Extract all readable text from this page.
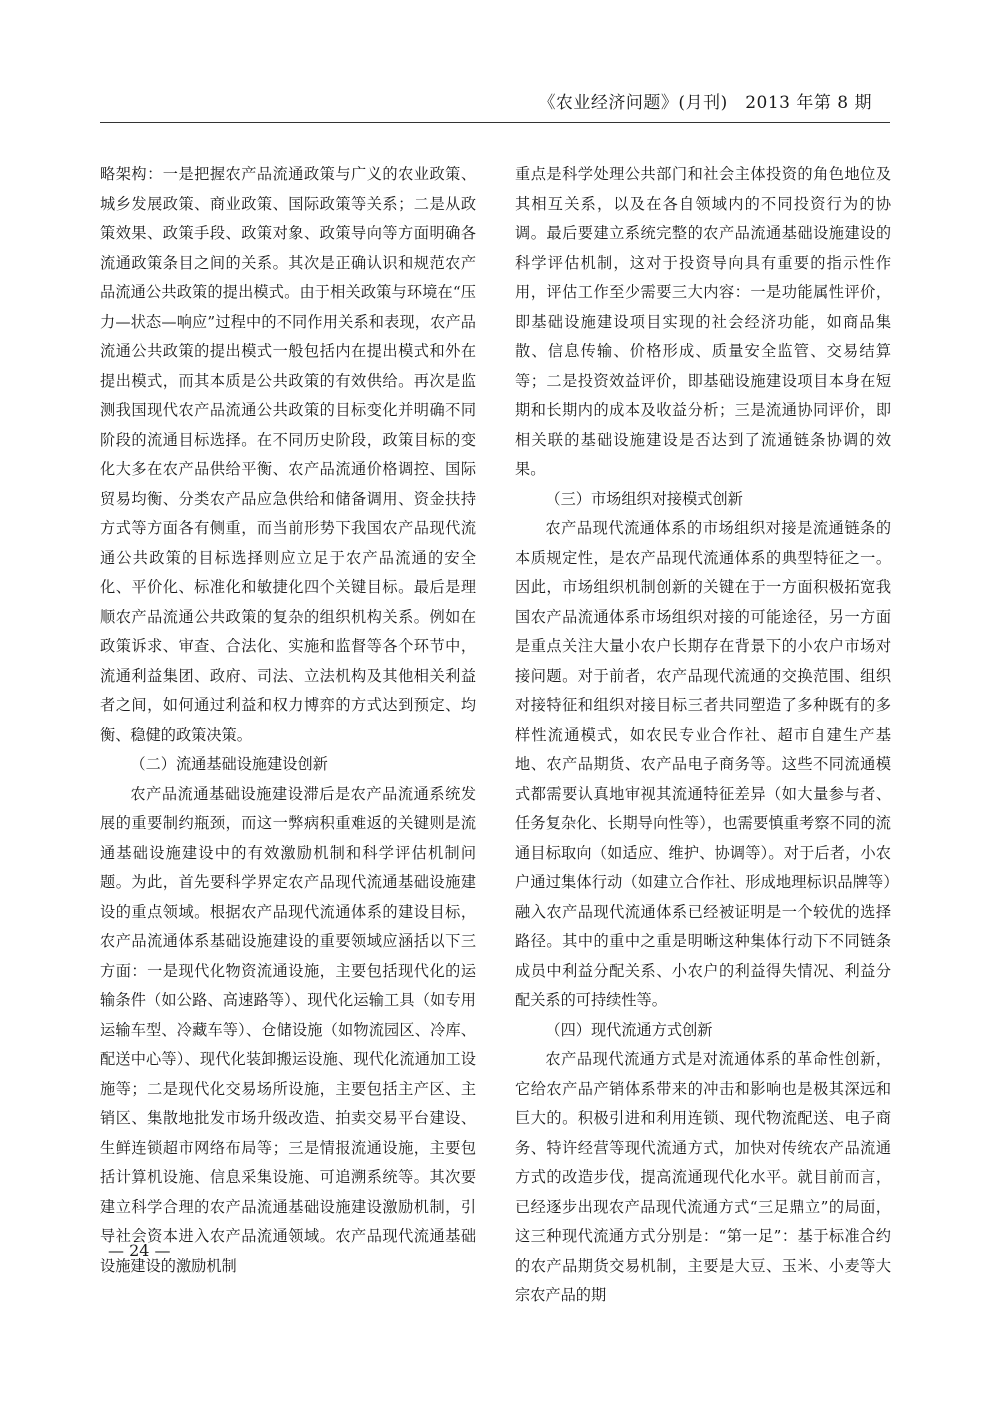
《农业经济问题》(月刊)　2013 年第 8 期

略架构：一是把握农产品流通政策与广义的农业政策、城乡发展政策、商业政策、国际政策等关系；二是从政策效果、政策手段、政策对象、政策导向等方面明确各流通政策条目之间的关系。其次是正确认识和规范农产品流通公共政策的提出模式。由于相关政策与环境在“压力—状态—响应”过程中的不同作用关系和表现，农产品流通公共政策的提出模式一般包括内在提出模式和外在提出模式，而其本质是公共政策的有效供给。再次是监测我国现代农产品流通公共政策的目标变化并明确不同阶段的流通目标选择。在不同历史阶段，政策目标的变化大多在农产品供给平衡、农产品流通价格调控、国际贸易均衡、分类农产品应急供给和储备调用、资金扶持方式等方面各有侧重，而当前形势下我国农产品现代流通公共政策的目标选择则应立足于农产品流通的安全化、平价化、标准化和敏捷化四个关键目标。最后是理顺农产品流通公共政策的复杂的组织机构关系。例如在政策诉求、审查、合法化、实施和监督等各个环节中，流通利益集团、政府、司法、立法机构及其他相关利益者之间，如何通过利益和权力博弈的方式达到预定、均衡、稳健的政策决策。

（二）流通基础设施建设创新

农产品流通基础设施建设滞后是农产品流通系统发展的重要制约瓶颈，而这一弊病积重难返的关键则是流通基础设施建设中的有效激励机制和科学评估机制问题。为此，首先要科学界定农产品现代流通基础设施建设的重点领域。根据农产品现代流通体系的建设目标，农产品流通体系基础设施建设的重要领域应涵括以下三方面：一是现代化物资流通设施，主要包括现代化的运输条件（如公路、高速路等）、现代化运输工具（如专用运输车型、冷藏车等）、仓储设施（如物流园区、冷库、配送中心等）、现代化装卸搬运设施、现代化流通加工设施等；二是现代化交易场所设施，主要包括主产区、主销区、集散地批发市场升级改造、拍卖交易平台建设、生鲜连锁超市网络布局等；三是情报流通设施，主要包括计算机设施、信息采集设施、可追溯系统等。其次要建立科学合理的农产品流通基础设施建设激励机制，引导社会资本进入农产品流通领域。农产品现代流通基础设施建设的激励机制

重点是科学处理公共部门和社会主体投资的角色地位及其相互关系，以及在各自领域内的不同投资行为的协调。最后要建立系统完整的农产品流通基础设施建设的科学评估机制，这对于投资导向具有重要的指示性作用，评估工作至少需要三大内容：一是功能属性评价，即基础设施建设项目实现的社会经济功能，如商品集散、信息传输、价格形成、质量安全监管、交易结算等；二是投资效益评价，即基础设施建设项目本身在短期和长期内的成本及收益分析；三是流通协同评价，即相关联的基础设施建设是否达到了流通链条协调的效果。

（三）市场组织对接模式创新

农产品现代流通体系的市场组织对接是流通链条的本质规定性，是农产品现代流通体系的典型特征之一。因此，市场组织机制创新的关键在于一方面积极拓宽我国农产品流通体系市场组织对接的可能途径，另一方面是重点关注大量小农户长期存在背景下的小农户市场对接问题。对于前者，农产品现代流通的交换范围、组织对接特征和组织对接目标三者共同塑造了多种既有的多样性流通模式，如农民专业合作社、超市自建生产基地、农产品期货、农产品电子商务等。这些不同流通模式都需要认真地审视其流通特征差异（如大量参与者、任务复杂化、长期导向性等），也需要慎重考察不同的流通目标取向（如适应、维护、协调等）。对于后者，小农户通过集体行动（如建立合作社、形成地理标识品牌等）融入农产品现代流通体系已经被证明是一个较优的选择路径。其中的重中之重是明晰这种集体行动下不同链条成员中利益分配关系、小农户的利益得失情况、利益分配关系的可持续性等。

（四）现代流通方式创新

农产品现代流通方式是对流通体系的革命性创新，它给农产品产销体系带来的冲击和影响也是极其深远和巨大的。积极引进和利用连锁、现代物流配送、电子商务、特许经营等现代流通方式，加快对传统农产品流通方式的改造步伐，提高流通现代化水平。就目前而言，已经逐步出现农产品现代流通方式“三足鼎立”的局面，这三种现代流通方式分别是：“第一足”：基于标准合约的农产品期货交易机制，主要是大豆、玉米、小麦等大宗农产品的期

— 24 —
